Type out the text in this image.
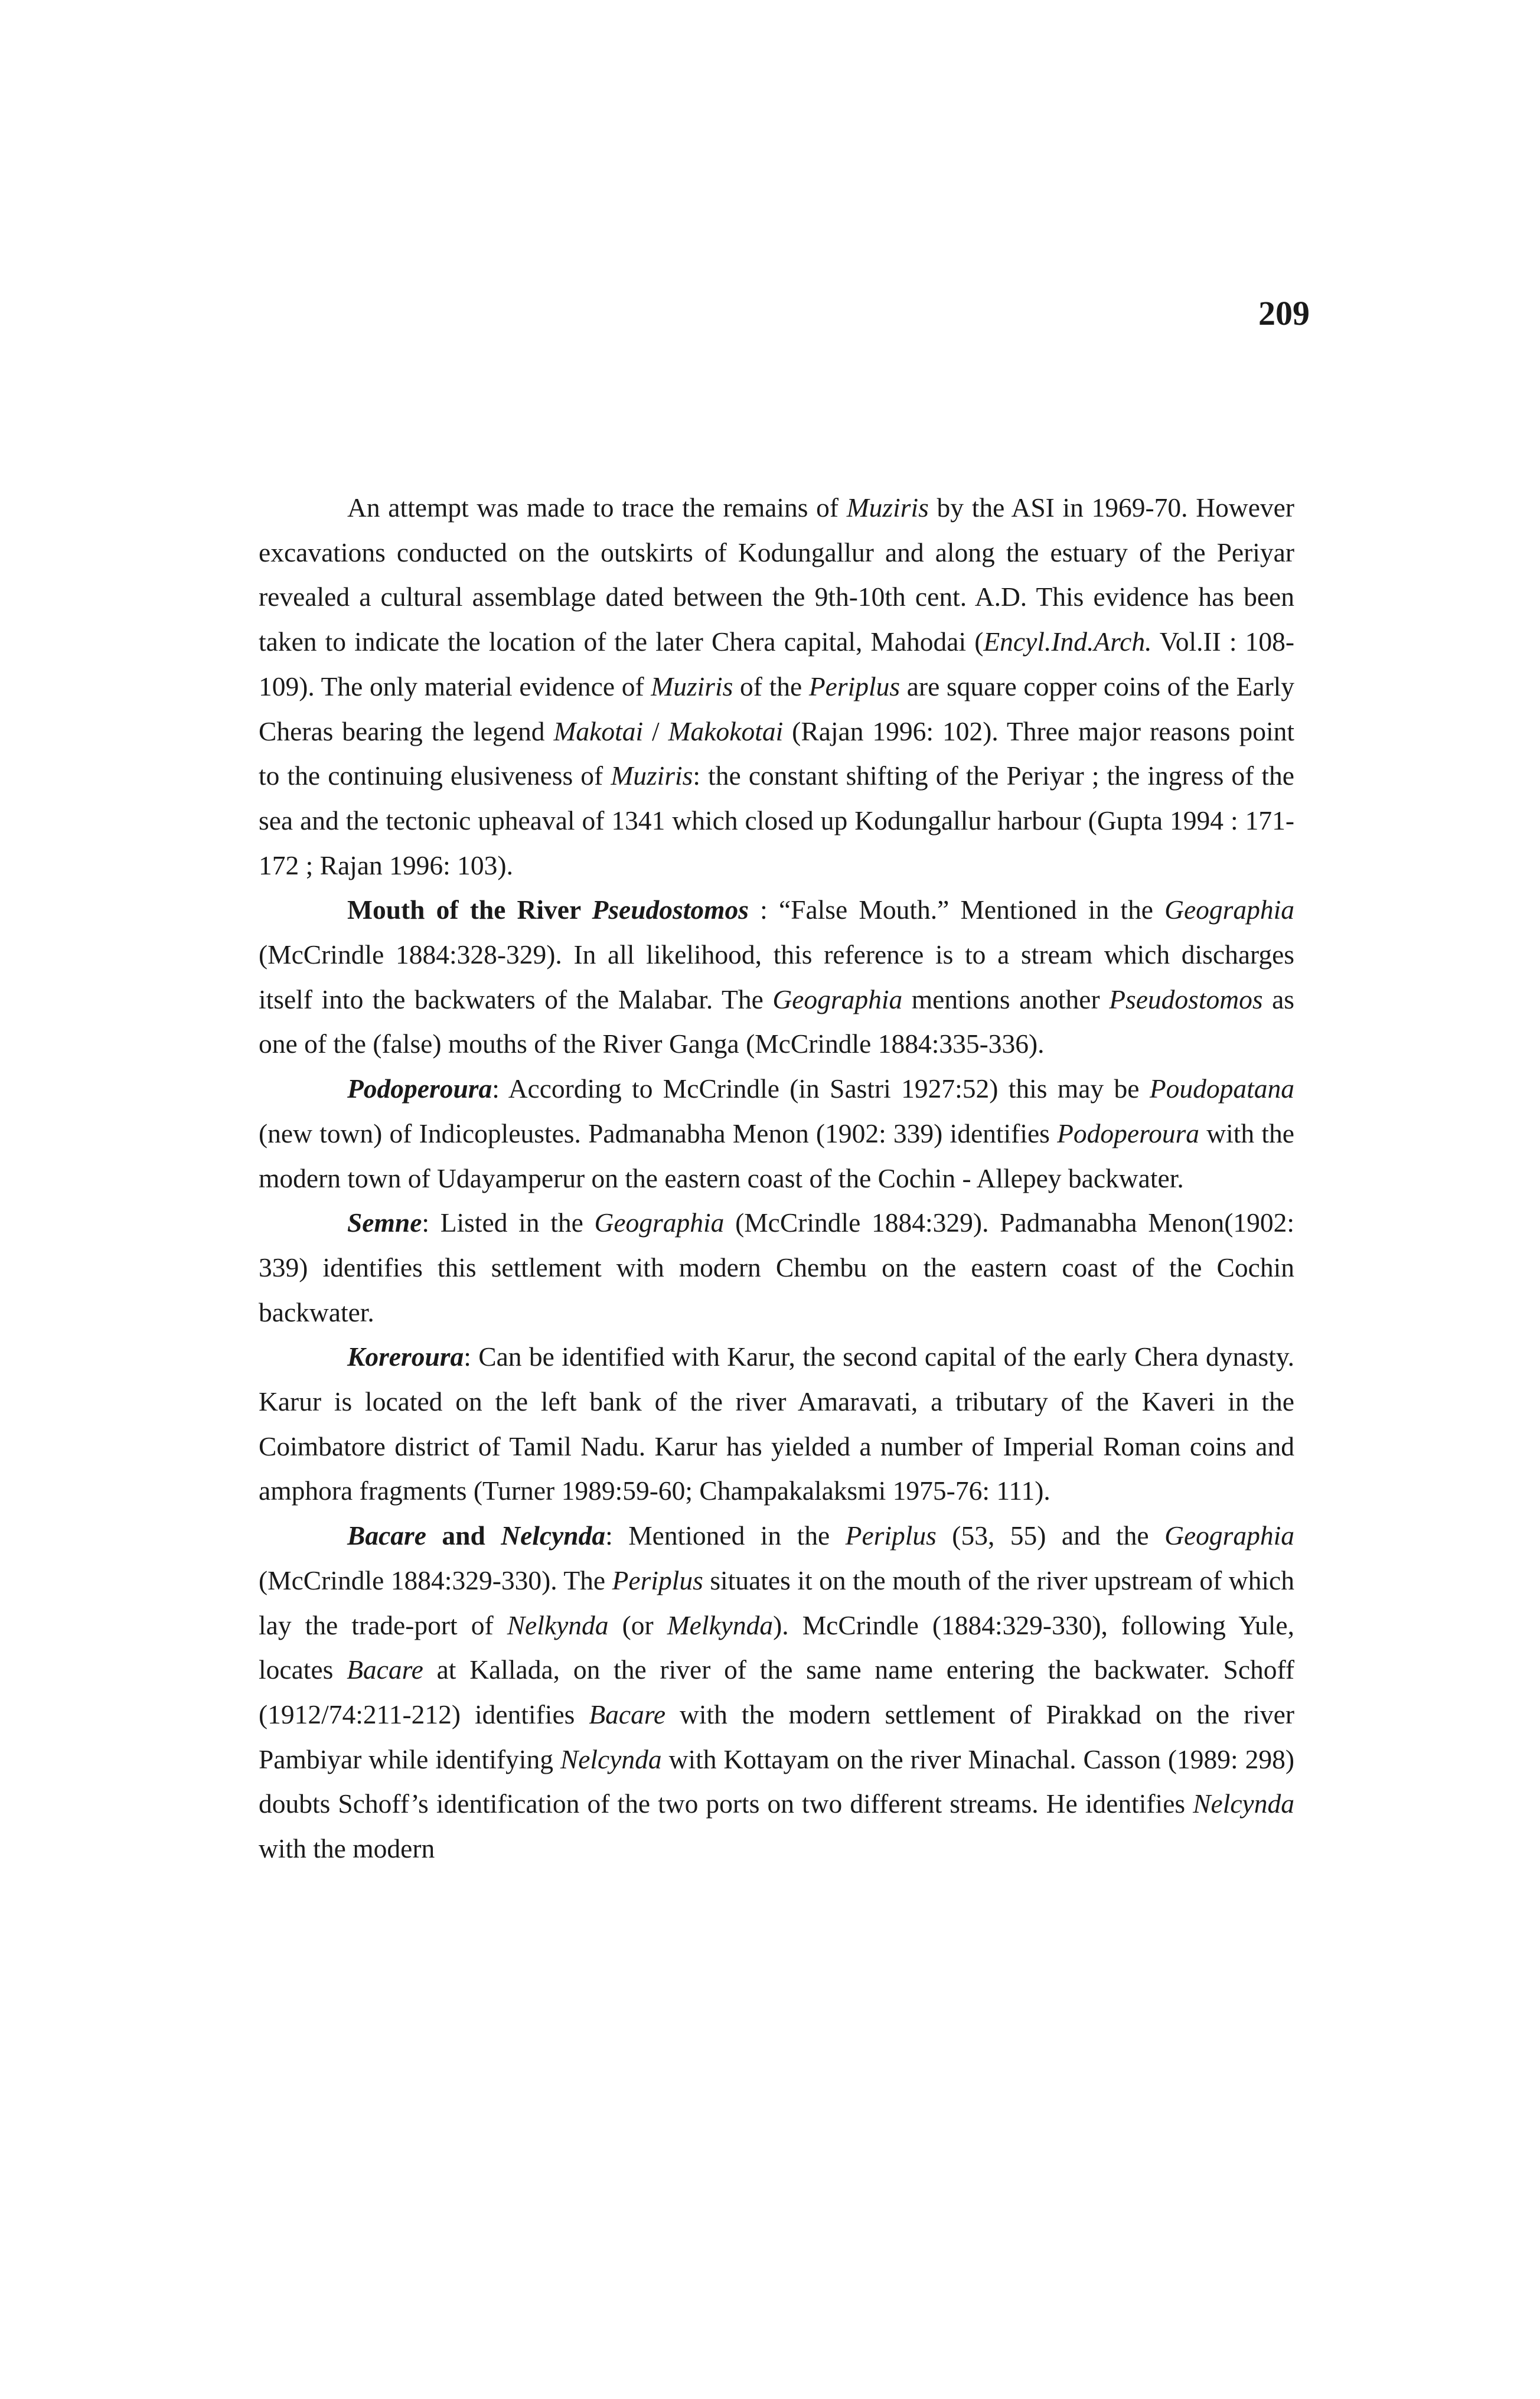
209

An attempt was made to trace the remains of Muziris by the ASI in 1969-70. However excavations conducted on the outskirts of Kodungallur and along the estuary of the Periyar revealed a cultural assemblage dated between the 9th-10th cent. A.D. This evidence has been taken to indicate the location of the later Chera capital, Mahodai (Encyl.Ind.Arch. Vol.II : 108-109). The only material evidence of Muziris of the Periplus are square copper coins of the Early Cheras bearing the legend Makotai / Makokotai (Rajan 1996: 102). Three major reasons point to the continuing elusiveness of Muziris: the constant shifting of the Periyar ; the ingress of the sea and the tectonic upheaval of 1341 which closed up Kodungallur harbour (Gupta 1994 : 171-172 ; Rajan 1996: 103).

Mouth of the River Pseudostomos : “False Mouth.” Mentioned in the Geographia (McCrindle 1884:328-329). In all likelihood, this reference is to a stream which discharges itself into the backwaters of the Malabar. The Geographia mentions another Pseudostomos as one of the (false) mouths of the River Ganga (McCrindle 1884:335-336).

Podoperoura: According to McCrindle (in Sastri 1927:52) this may be Poudopatana (new town) of Indicopleustes. Padmanabha Menon (1902: 339) identifies Podoperoura with the modern town of Udayamperur on the eastern coast of the Cochin - Allepey backwater.

Semne: Listed in the Geographia (McCrindle 1884:329). Padmanabha Menon(1902: 339) identifies this settlement with modern Chembu on the eastern coast of the Cochin backwater.

Koreroura: Can be identified with Karur, the second capital of the early Chera dynasty. Karur is located on the left bank of the river Amaravati, a tributary of the Kaveri in the Coimbatore district of Tamil Nadu. Karur has yielded a number of Imperial Roman coins and amphora fragments (Turner 1989:59-60; Champakalaksmi 1975-76: 111).

Bacare and Nelcynda: Mentioned in the Periplus (53, 55) and the Geographia (McCrindle 1884:329-330). The Periplus situates it on the mouth of the river upstream of which lay the trade-port of Nelkynda (or Melkynda). McCrindle (1884:329-330), following Yule, locates Bacare at Kallada, on the river of the same name entering the backwater. Schoff (1912/74:211-212) identifies Bacare with the modern settlement of Pirakkad on the river Pambiyar while identifying Nelcynda with Kottayam on the river Minachal. Casson (1989: 298) doubts Schoff’s identification of the two ports on two different streams. He identifies Nelcynda with the modern
